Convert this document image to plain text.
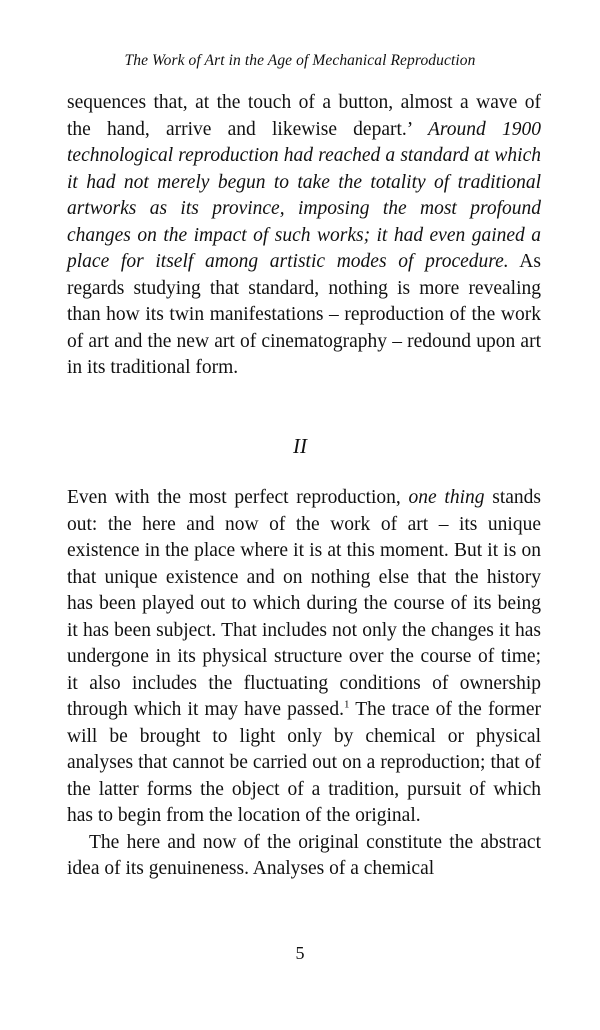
The Work of Art in the Age of Mechanical Reproduction

sequences that, at the touch of a button, almost a wave of the hand, arrive and likewise depart.’ Around 1900 technological reproduction had reached a standard at which it had not merely begun to take the totality of traditional artworks as its province, imposing the most profound changes on the impact of such works; it had even gained a place for itself among artistic modes of procedure. As regards studying that standard, nothing is more revealing than how its twin manifestations – reproduction of the work of art and the new art of cinematography – redound upon art in its traditional form.

II

Even with the most perfect reproduction, one thing stands out: the here and now of the work of art – its unique existence in the place where it is at this moment. But it is on that unique existence and on nothing else that the history has been played out to which during the course of its being it has been subject. That includes not only the changes it has undergone in its physical structure over the course of time; it also includes the fluctuating conditions of ownership through which it may have passed.$^1$ The trace of the former will be brought to light only by chemical or physical analyses that cannot be carried out on a reproduction; that of the latter forms the object of a tradition, pursuit of which has to begin from the location of the original.

The here and now of the original constitute the abstract idea of its genuineness. Analyses of a chemical

5
